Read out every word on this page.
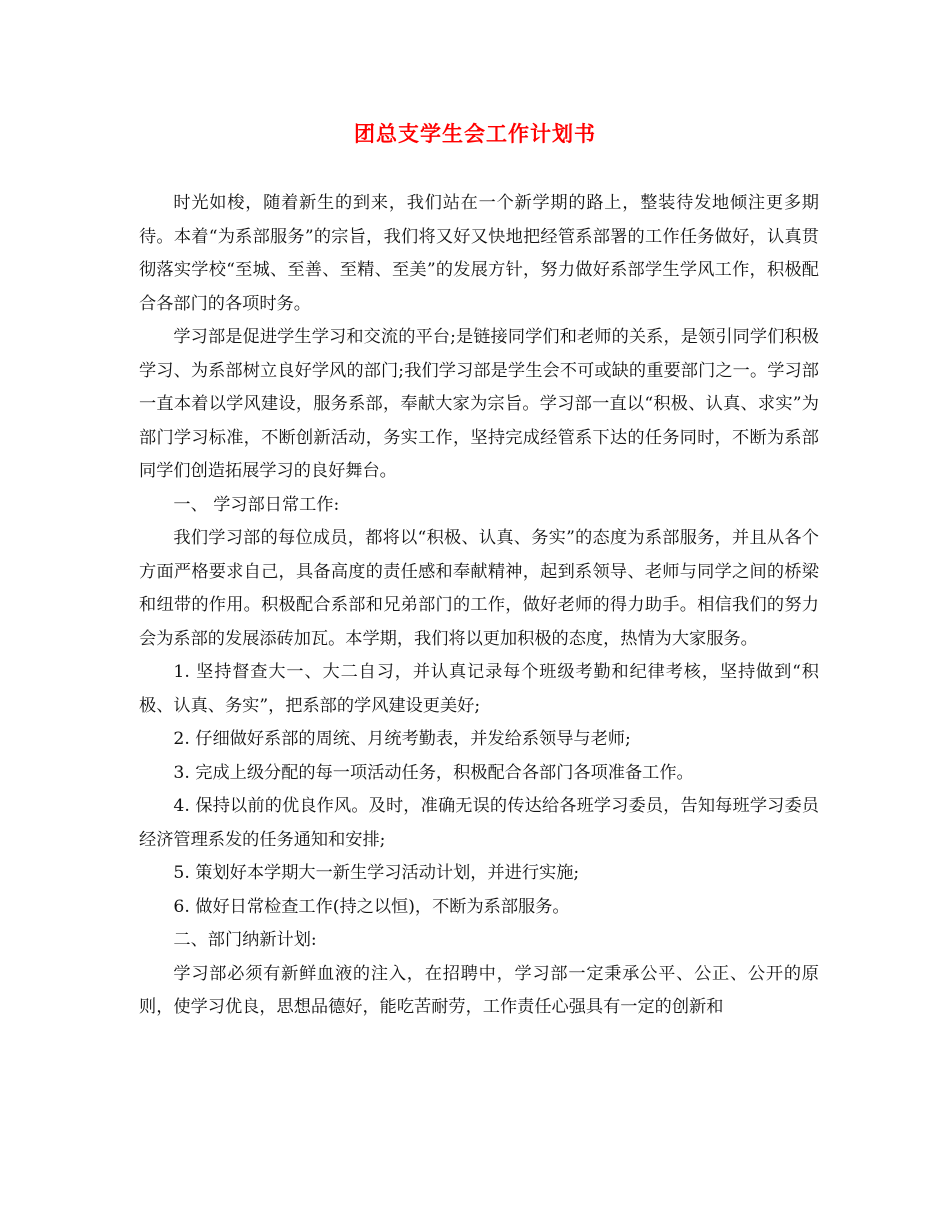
团总支学生会工作计划书

时光如梭，随着新生的到来，我们站在一个新学期的路上，整装待发地倾注更多期待。本着“为系部服务”的宗旨，我们将又好又快地把经管系部署的工作任务做好，认真贯彻落实学校“至城、至善、至精、至美”的发展方针，努力做好系部学生学风工作，积极配合各部门的各项时务。

学习部是促进学生学习和交流的平台;是链接同学们和老师的关系，是领引同学们积极学习、为系部树立良好学风的部门;我们学习部是学生会不可或缺的重要部门之一。学习部一直本着以学风建设，服务系部，奉献大家为宗旨。学习部一直以“积极、认真、求实”为部门学习标准，不断创新活动，务实工作，坚持完成经管系下达的任务同时，不断为系部同学们创造拓展学习的良好舞台。

一、 学习部日常工作:

我们学习部的每位成员，都将以“积极、认真、务实”的态度为系部服务，并且从各个方面严格要求自己，具备高度的责任感和奉献精神，起到系领导、老师与同学之间的桥梁和纽带的作用。积极配合系部和兄弟部门的工作，做好老师的得力助手。相信我们的努力会为系部的发展添砖加瓦。本学期，我们将以更加积极的态度，热情为大家服务。

1. 坚持督查大一、大二自习，并认真记录每个班级考勤和纪律考核，坚持做到“积极、认真、务实”，把系部的学风建设更美好;

2. 仔细做好系部的周统、月统考勤表，并发给系领导与老师;

3. 完成上级分配的每一项活动任务，积极配合各部门各项准备工作。

4. 保持以前的优良作风。及时，准确无误的传达给各班学习委员，告知每班学习委员经济管理系发的任务通知和安排;

5. 策划好本学期大一新生学习活动计划，并进行实施;

6. 做好日常检查工作(持之以恒)，不断为系部服务。

二、部门纳新计划:

学习部必须有新鲜血液的注入，在招聘中，学习部一定秉承公平、公正、公开的原则，使学习优良，思想品德好，能吃苦耐劳，工作责任心强具有一定的创新和
